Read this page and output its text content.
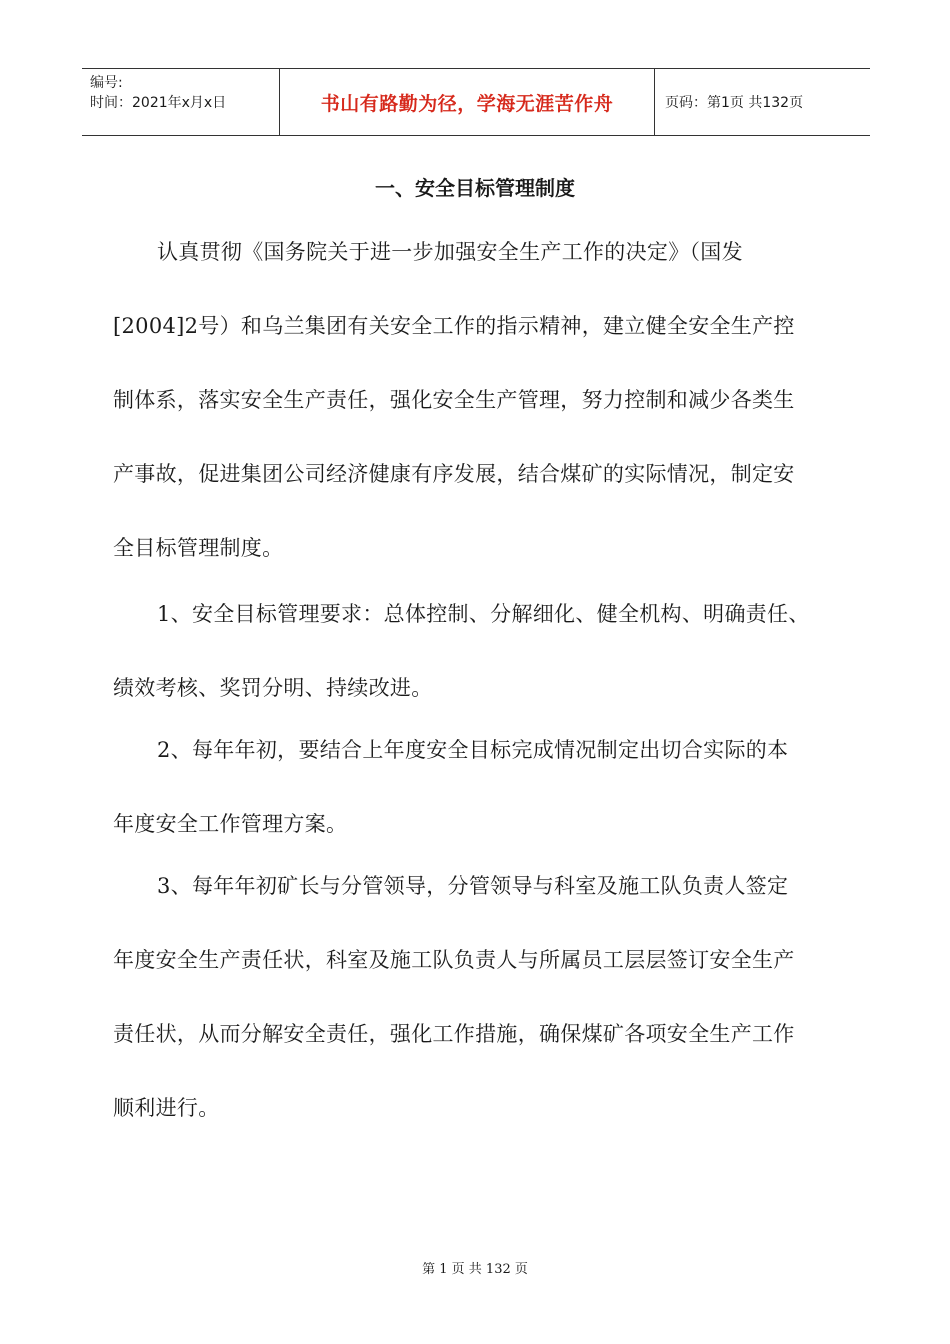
编号:
时间：2021年x月x日	书山有路勤为径，学海无涯苦作舟	页码：第1页 共132页
一、安全目标管理制度
认真贯彻《国务院关于进一步加强安全生产工作的决定》（国发
[2004]2号）和乌兰集团有关安全工作的指示精神，建立健全安全生产控
制体系，落实安全生产责任，强化安全生产管理，努力控制和减少各类生
产事故，促进集团公司经济健康有序发展，结合煤矿的实际情况，制定安
全目标管理制度。
1、安全目标管理要求：总体控制、分解细化、健全机构、明确责任、
绩效考核、奖罚分明、持续改进。
2、每年年初，要结合上年度安全目标完成情况制定出切合实际的本
年度安全工作管理方案。
3、每年年初矿长与分管领导，分管领导与科室及施工队负责人签定
年度安全生产责任状，科室及施工队负责人与所属员工层层签订安全生产
责任状，从而分解安全责任，强化工作措施，确保煤矿各项安全生产工作
顺利进行。
第 1 页 共 132 页
